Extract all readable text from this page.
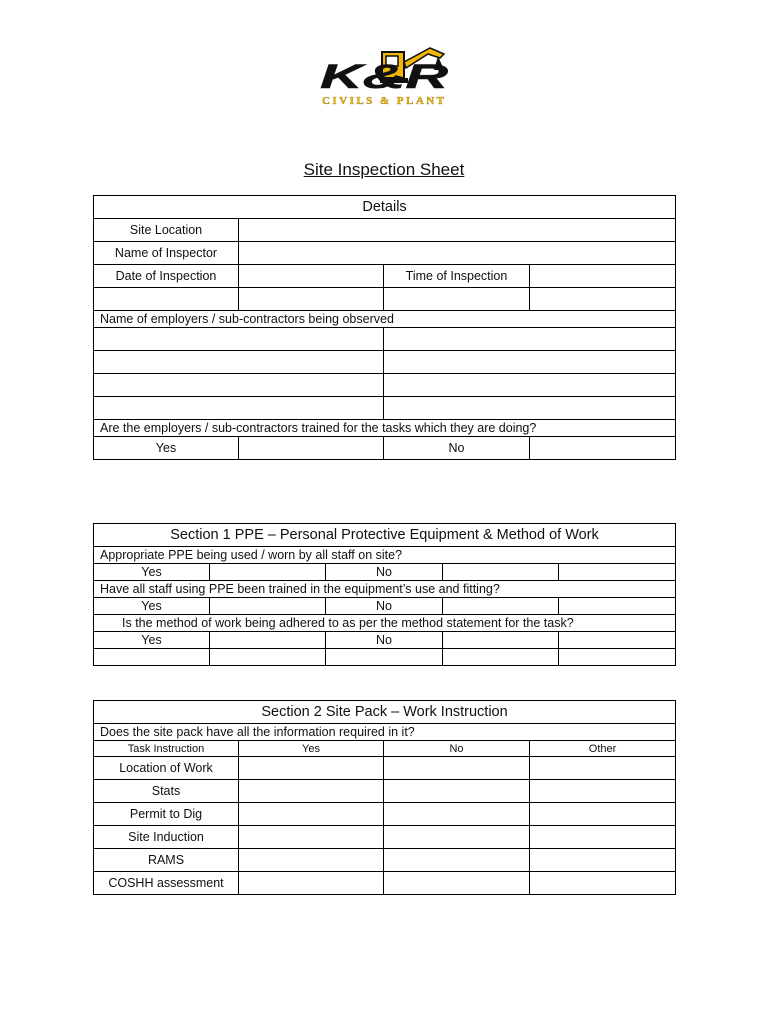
K&R
CIVILS & PLANT
Site Inspection Sheet
Details			
Site Location			
Name of Inspector			
Date of Inspection		Time of Inspection	

Name of employers / sub-contractors being observed			

Are the employers / sub-contractors trained for the tasks which they are doing?			
Yes		No	
Section 1 PPE – Personal Protective Equipment & Method of Work				
Appropriate PPE being used / worn by all staff on site?				
Yes		No		
Have all staff using PPE been trained in the equipment’s use and fitting?				
Yes		No		
Is the method of work being adhered to as per the method statement for the task?				
Yes		No		

Section 2 Site Pack – Work Instruction			
Does the site pack have all the information required in it?			
Task Instruction	Yes	No	Other
Location of Work			
Stats			
Permit to Dig			
Site Induction			
RAMS			
COSHH assessment			
